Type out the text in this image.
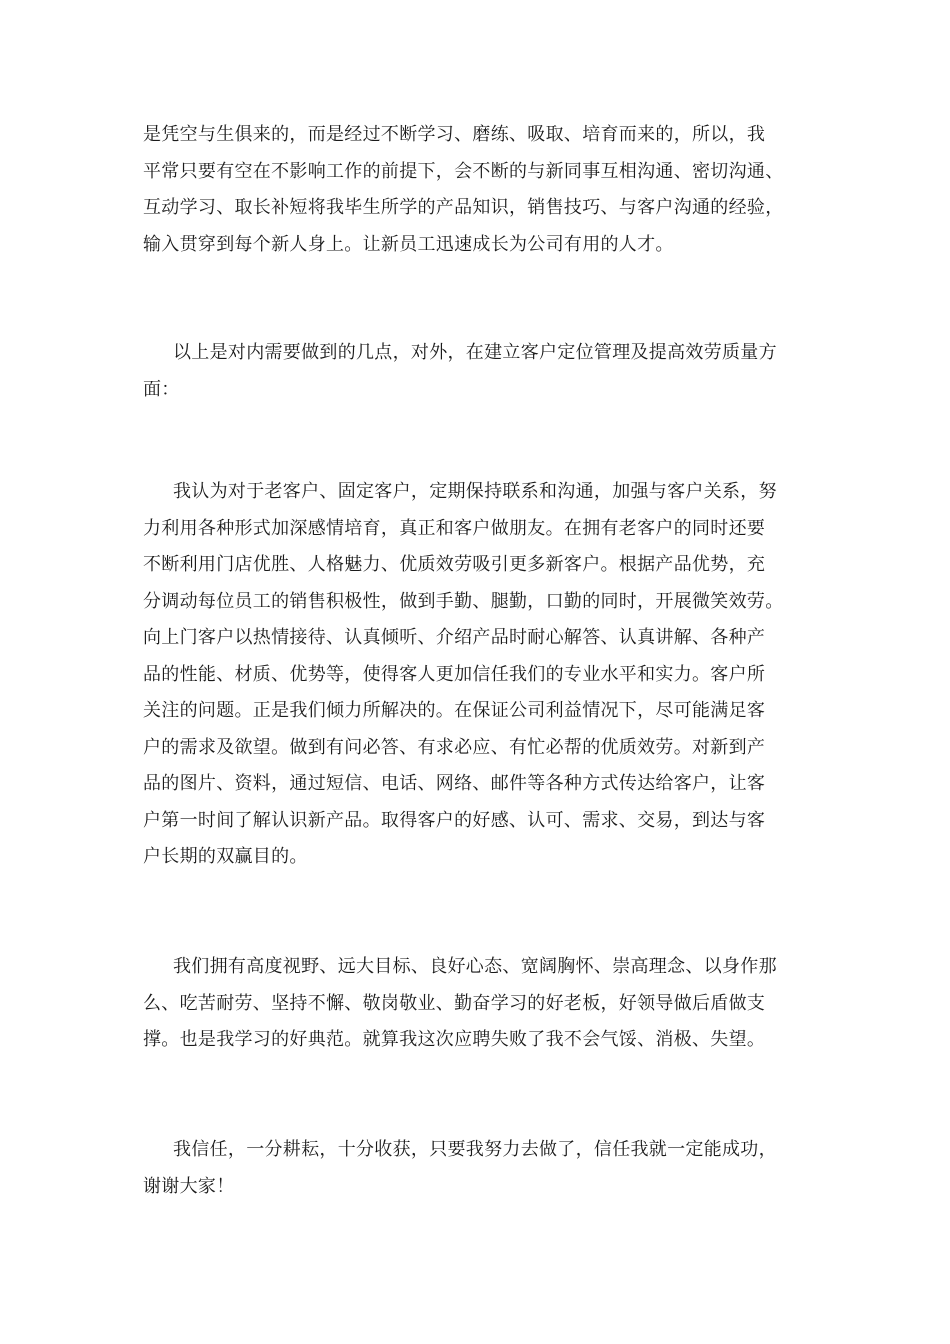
是凭空与生俱来的，而是经过不断学习、磨练、吸取、培育而来的，所以，我
平常只要有空在不影响工作的前提下，会不断的与新同事互相沟通、密切沟通、
互动学习、取长补短将我毕生所学的产品知识，销售技巧、与客户沟通的经验，
输入贯穿到每个新人身上。让新员工迅速成长为公司有用的人才。

以上是对内需要做到的几点，对外，在建立客户定位管理及提高效劳质量方
面：

我认为对于老客户、固定客户，定期保持联系和沟通，加强与客户关系，努
力利用各种形式加深感情培育，真正和客户做朋友。在拥有老客户的同时还要
不断利用门店优胜、人格魅力、优质效劳吸引更多新客户。根据产品优势，充
分调动每位员工的销售积极性，做到手勤、腿勤，口勤的同时，开展微笑效劳。
向上门客户以热情接待、认真倾听、介绍产品时耐心解答、认真讲解、各种产
品的性能、材质、优势等，使得客人更加信任我们的专业水平和实力。客户所
关注的问题。正是我们倾力所解决的。在保证公司利益情况下，尽可能满足客
户的需求及欲望。做到有问必答、有求必应、有忙必帮的优质效劳。对新到产
品的图片、资料，通过短信、电话、网络、邮件等各种方式传达给客户，让客
户第一时间了解认识新产品。取得客户的好感、认可、需求、交易，到达与客
户长期的双赢目的。

我们拥有高度视野、远大目标、良好心态、宽阔胸怀、崇高理念、以身作那
么、吃苦耐劳、坚持不懈、敬岗敬业、勤奋学习的好老板，好领导做后盾做支
撑。也是我学习的好典范。就算我这次应聘失败了我不会气馁、消极、失望。

我信任，一分耕耘，十分收获，只要我努力去做了，信任我就一定能成功，
谢谢大家！
